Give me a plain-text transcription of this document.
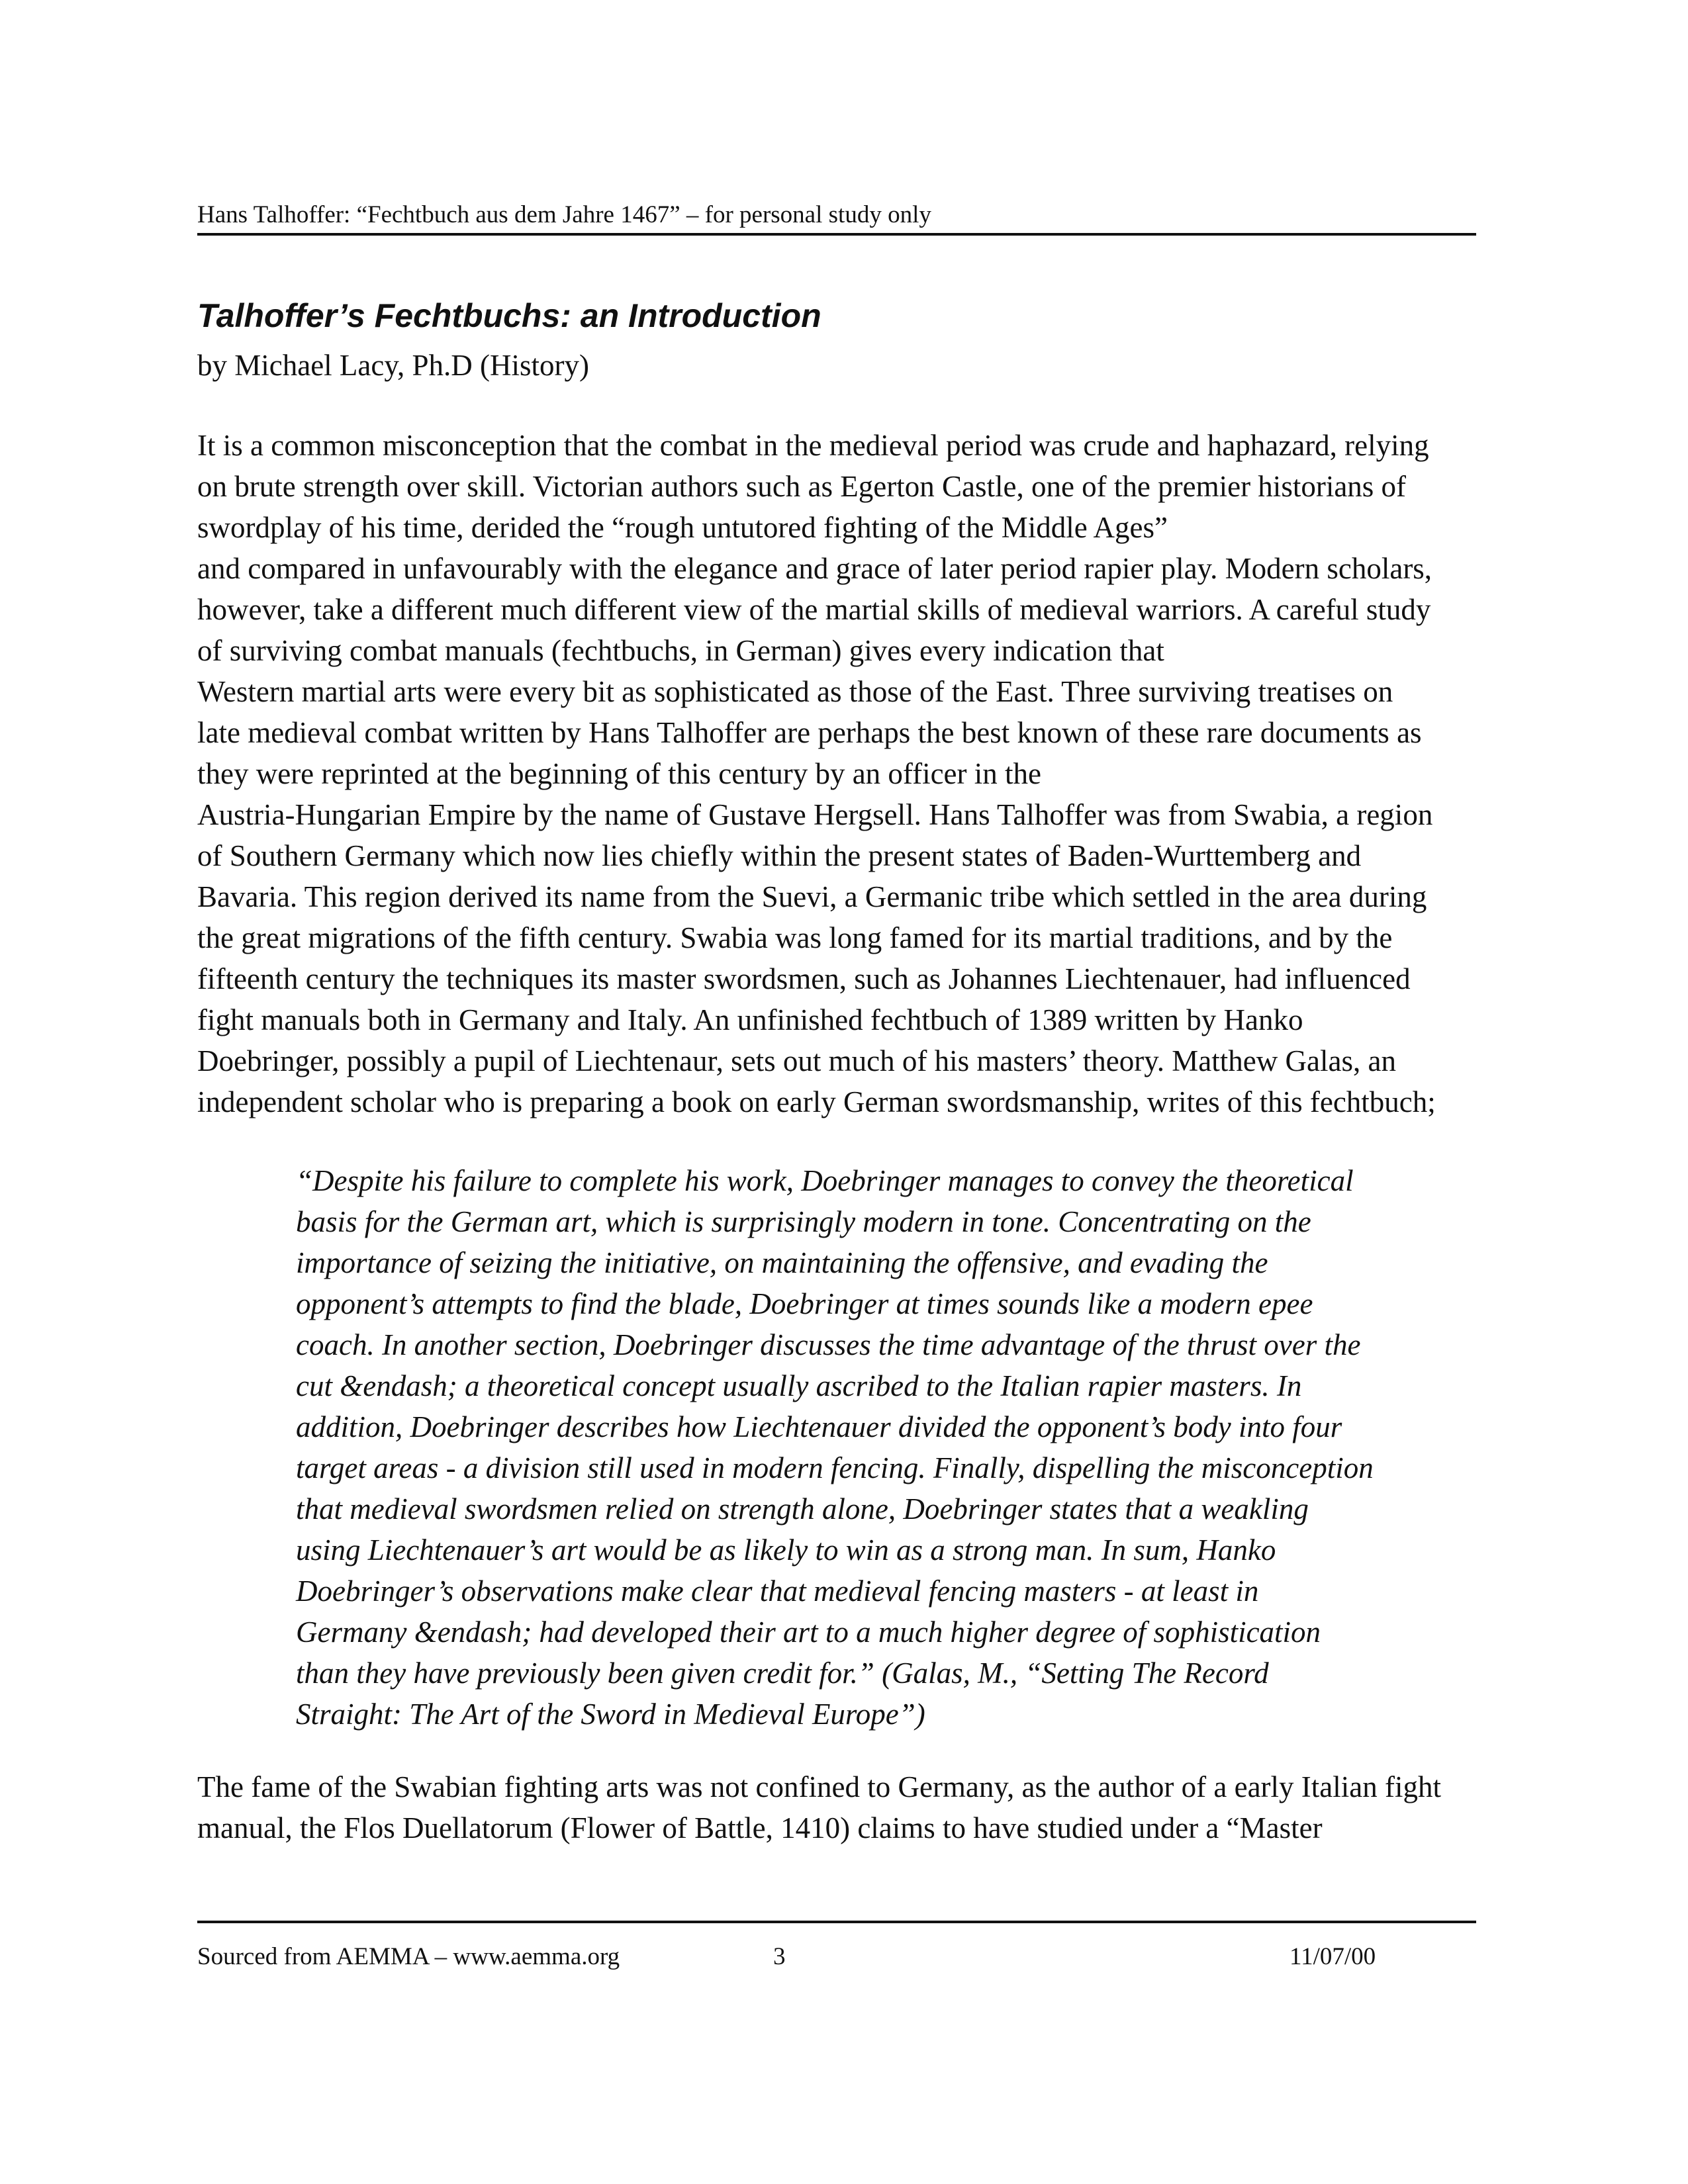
Hans Talhoffer: “Fechtbuch aus dem Jahre 1467” – for personal study only
Talhoffer’s Fechtbuchs: an Introduction
by Michael Lacy, Ph.D (History)
It is a common misconception that the combat in the medieval period was crude and haphazard, relying
on brute strength over skill. Victorian authors such as Egerton Castle, one of the premier historians of
swordplay of his time, derided the “rough untutored fighting of the Middle Ages”
and compared in unfavourably with the elegance and grace of later period rapier play. Modern scholars,
however, take a different much different view of the martial skills of medieval warriors. A careful study
of surviving combat manuals (fechtbuchs, in German) gives every indication that
Western martial arts were every bit as sophisticated as those of the East. Three surviving treatises on
late medieval combat written by Hans Talhoffer are perhaps the best known of these rare documents as
they were reprinted at the beginning of this century by an officer in the
Austria-Hungarian Empire by the name of Gustave Hergsell. Hans Talhoffer was from Swabia, a region
of Southern Germany which now lies chiefly within the present states of Baden-Wurttemberg and
Bavaria. This region derived its name from the Suevi, a Germanic tribe which settled in the area during
the great migrations of the fifth century. Swabia was long famed for its martial traditions, and by the
fifteenth century the techniques its master swordsmen, such as Johannes Liechtenauer, had influenced
fight manuals both in Germany and Italy. An unfinished fechtbuch of 1389 written by Hanko
Doebringer, possibly a pupil of Liechtenaur, sets out much of his masters’ theory. Matthew Galas, an
independent scholar who is preparing a book on early German swordsmanship, writes of this fechtbuch;
“Despite his failure to complete his work, Doebringer manages to convey the theoretical
basis for the German art, which is surprisingly modern in tone. Concentrating on the
importance of seizing the initiative, on maintaining the offensive, and evading the
opponent’s attempts to find the blade, Doebringer at times sounds like a modern epee
coach. In another section, Doebringer discusses the time advantage of the thrust over the
cut &endash; a theoretical concept usually ascribed to the Italian rapier masters. In
addition, Doebringer describes how Liechtenauer divided the opponent’s body into four
target areas - a division still used in modern fencing. Finally, dispelling the misconception
that medieval swordsmen relied on strength alone, Doebringer states that a weakling
using Liechtenauer’s art would be as likely to win as a strong man. In sum, Hanko
Doebringer’s observations make clear that medieval fencing masters - at least in
Germany &endash; had developed their art to a much higher degree of sophistication
than they have previously been given credit for.” (Galas, M., “Setting The Record
Straight: The Art of the Sword in Medieval Europe”)
The fame of the Swabian fighting arts was not confined to Germany, as the author of a early Italian fight
manual, the Flos Duellatorum (Flower of Battle, 1410) claims to have studied under a “Master
Sourced from AEMMA – www.aemma.org	3	11/07/00
